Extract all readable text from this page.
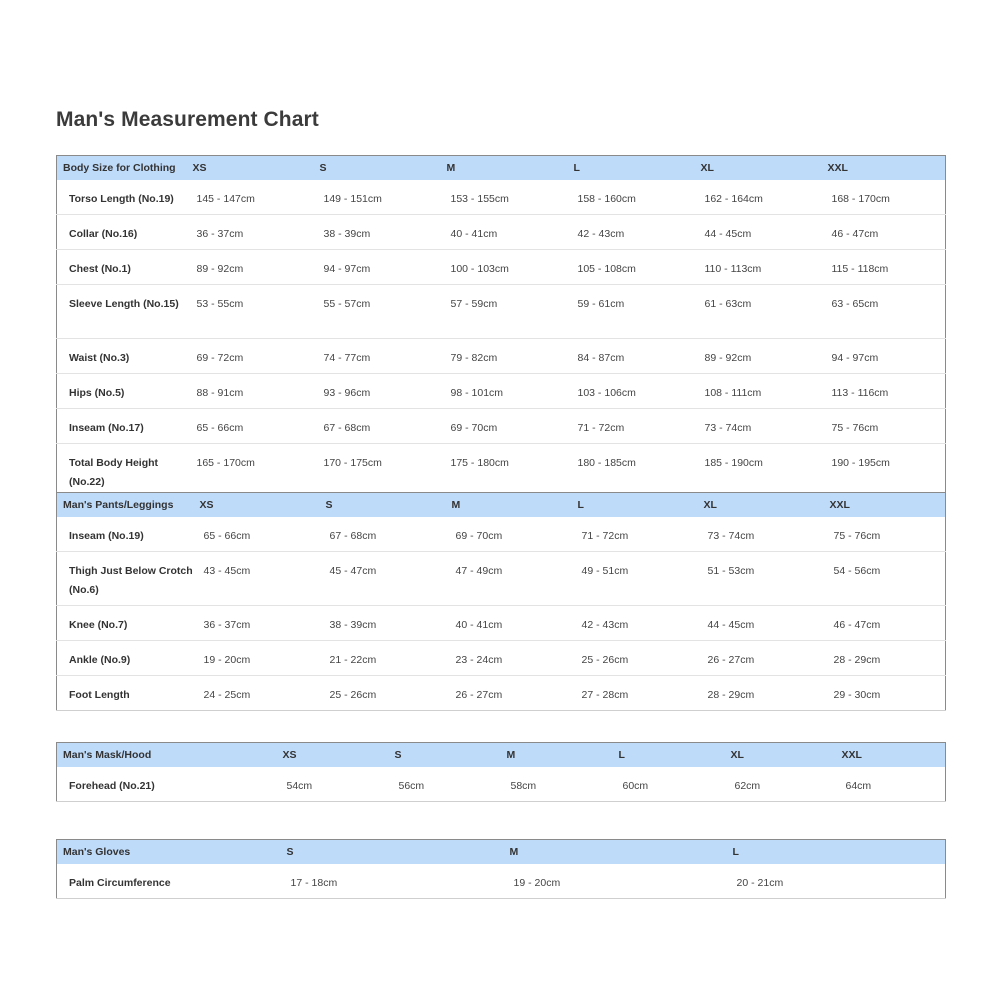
Man's Measurement Chart
Body Size for Clothing	XS	S	M	L	XL	XXL
Torso Length (No.19)	145 - 147cm	149 - 151cm	153 - 155cm	158 - 160cm	162 - 164cm	168 - 170cm
Collar (No.16)	36 - 37cm	38 - 39cm	40 - 41cm	42 - 43cm	44 - 45cm	46 - 47cm
Chest (No.1)	89 - 92cm	94 - 97cm	100 - 103cm	105 - 108cm	110 - 113cm	115 - 118cm
Sleeve Length (No.15)	53 - 55cm	55 - 57cm	57 - 59cm	59 - 61cm	61 - 63cm	63 - 65cm
Waist (No.3)	69 - 72cm	74 - 77cm	79 - 82cm	84 - 87cm	89 - 92cm	94 - 97cm
Hips (No.5)	88 - 91cm	93 - 96cm	98 - 101cm	103 - 106cm	108 - 111cm	113 - 116cm
Inseam (No.17)	65 - 66cm	67 - 68cm	69 - 70cm	71 - 72cm	73 - 74cm	75 - 76cm
Total Body Height (No.22)	165 - 170cm	170 - 175cm	175 - 180cm	180 - 185cm	185 - 190cm	190 - 195cm
Man's Pants/Leggings	XS	S	M	L	XL	XXL
Inseam (No.19)	65 - 66cm	67 - 68cm	69 - 70cm	71 - 72cm	73 - 74cm	75 - 76cm
Thigh Just Below Crotch (No.6)	43 - 45cm	45 - 47cm	47 - 49cm	49 - 51cm	51 - 53cm	54 - 56cm
Knee (No.7)	36 - 37cm	38 - 39cm	40 - 41cm	42 - 43cm	44 - 45cm	46 - 47cm
Ankle (No.9)	19 - 20cm	21 - 22cm	23 - 24cm	25 - 26cm	26 - 27cm	28 - 29cm
Foot Length	24 - 25cm	25 - 26cm	26 - 27cm	27 - 28cm	28 - 29cm	29 - 30cm
Man's Mask/Hood	XS	S	M	L	XL	XXL
Forehead (No.21)	54cm	56cm	58cm	60cm	62cm	64cm
Man's Gloves	S	M	L
Palm Circumference	17 - 18cm	19 - 20cm	20 - 21cm
